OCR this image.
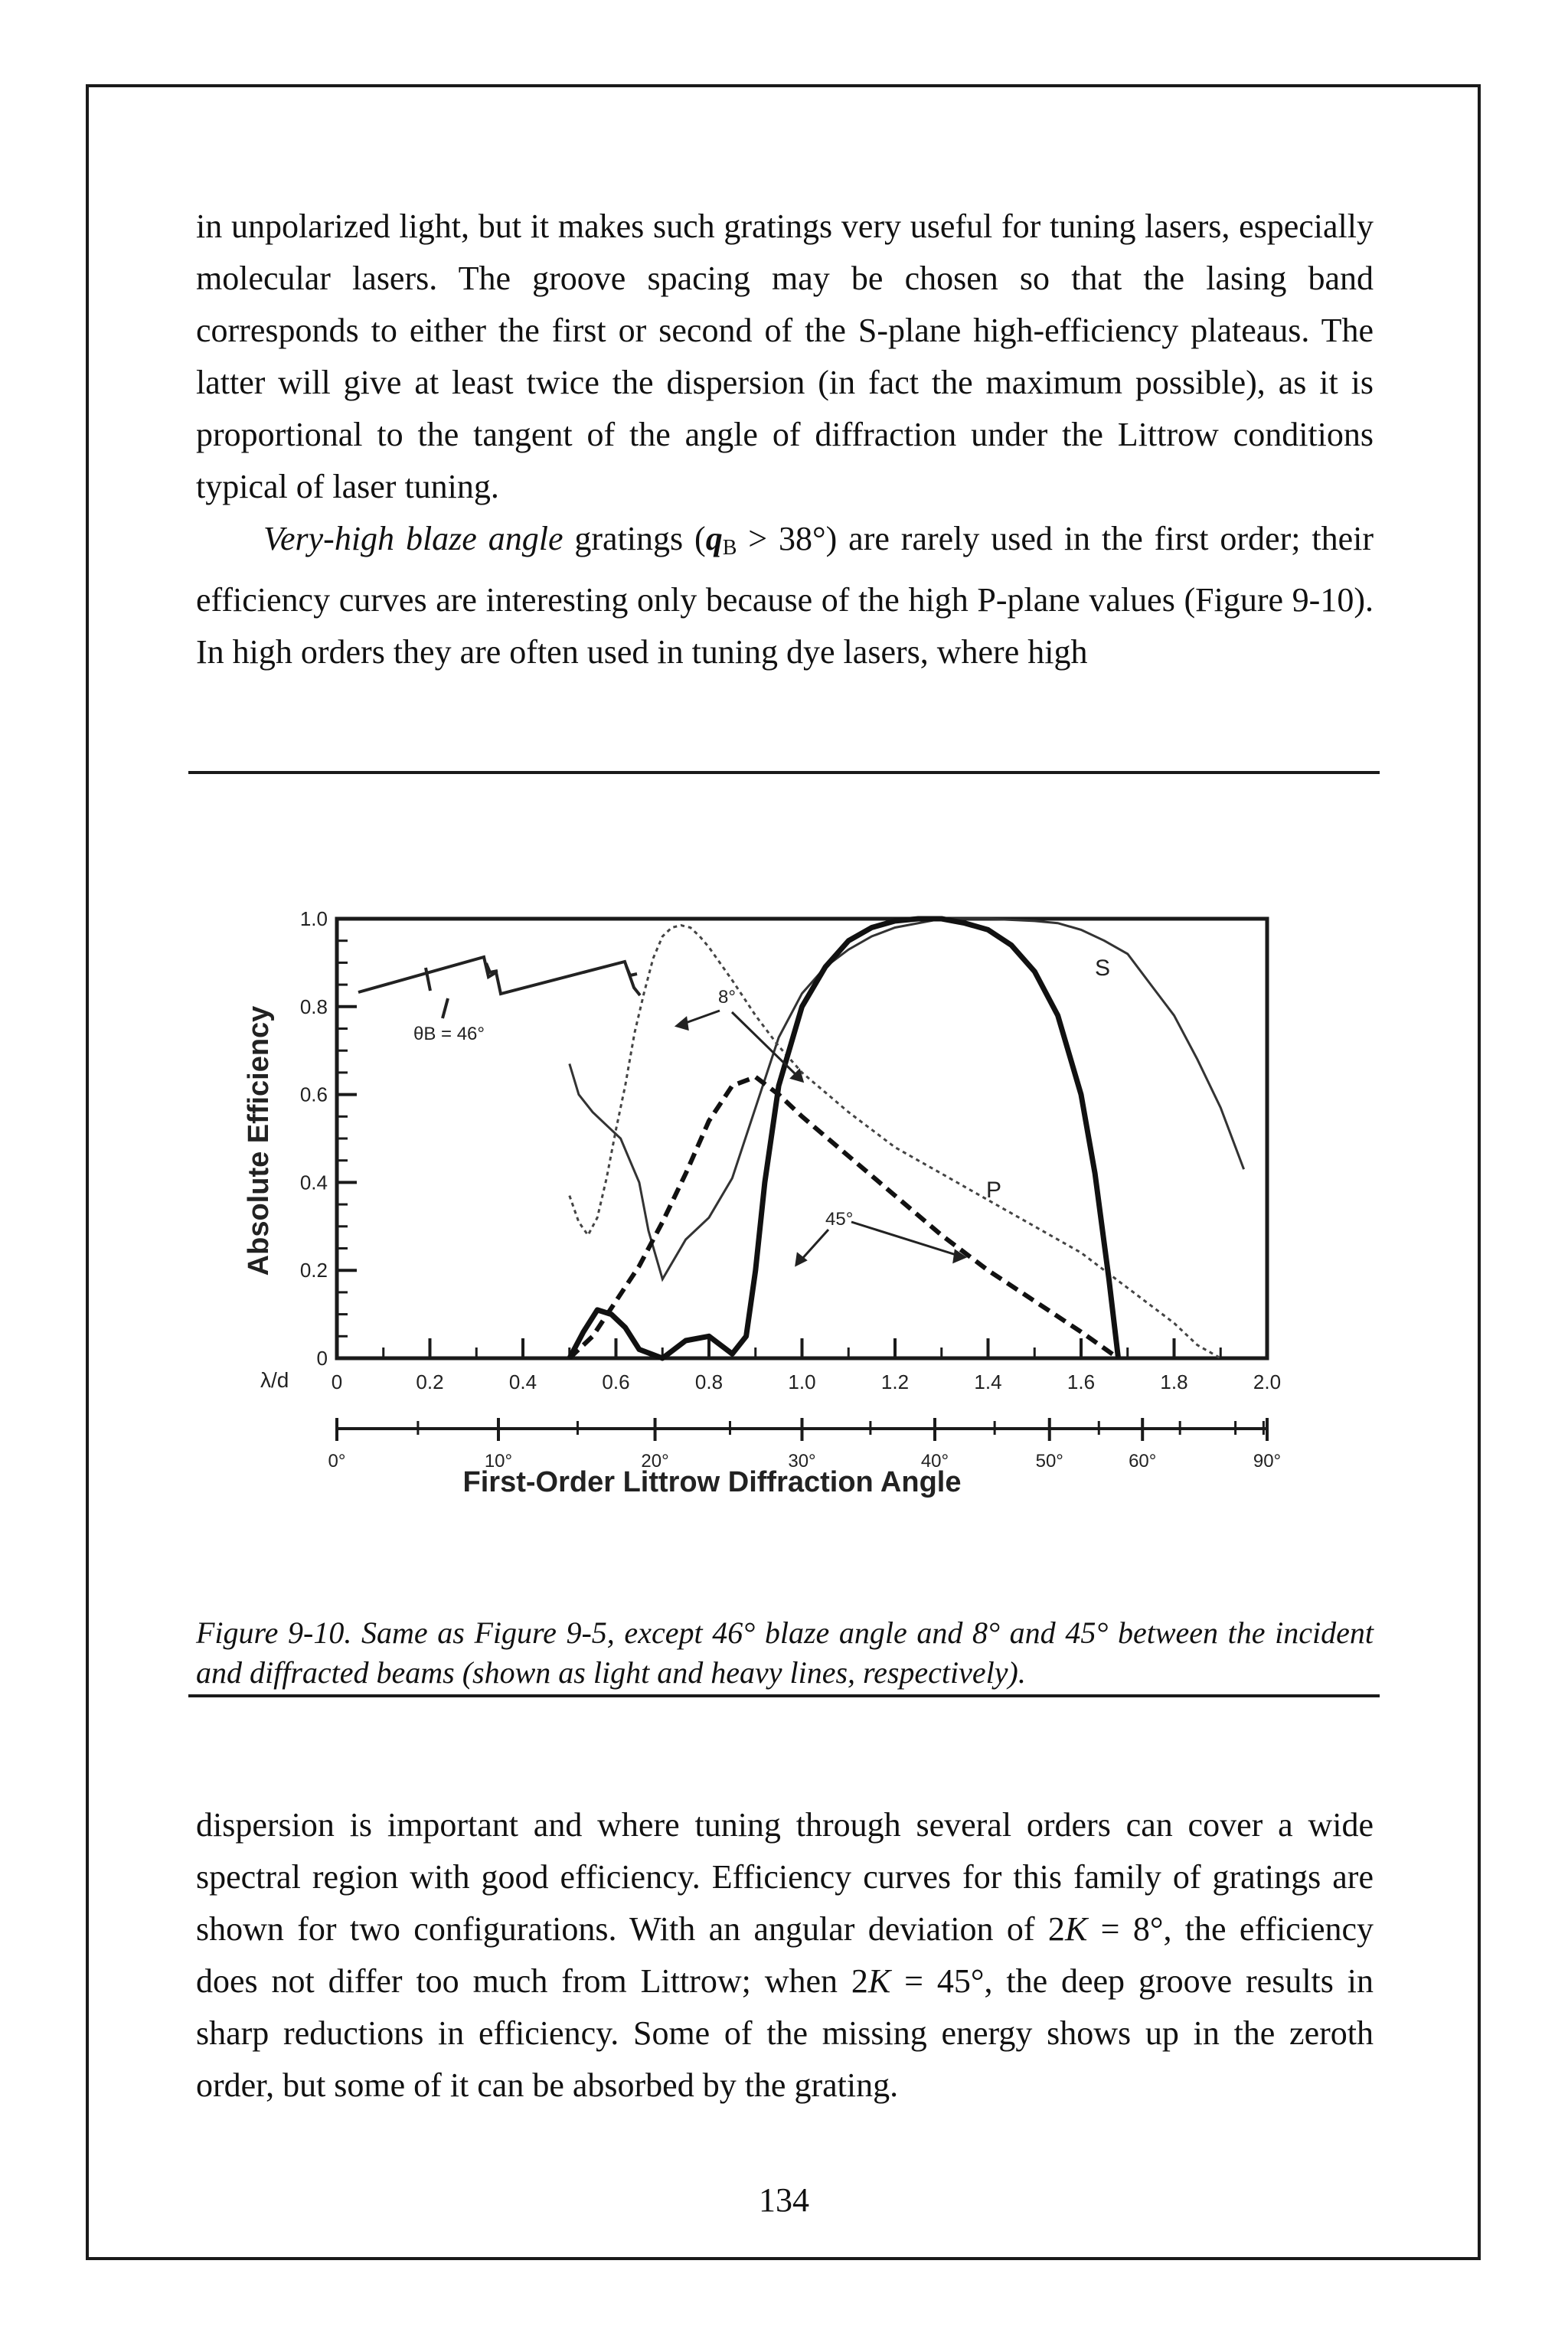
in unpolarized light, but it makes such gratings very useful for tuning lasers, especially molecular lasers. The groove spacing may be chosen so that the lasing band corresponds to either the first or second of the S-plane high-efficiency plateaus. The latter will give at least twice the dispersion (in fact the maximum possible), as it is proportional to the tangent of the angle of diffraction under the Littrow conditions typical of laser tuning.

Very-high blaze angle gratings $(q_B > 38^\circ)$ are rarely used in the first order; their efficiency curves are interesting only because of the high P-plane values (Figure 9-10). In high orders they are often used in tuning dye lasers, where high

0
0.2
0.4
0.6
0.8
1.0
0	0.2	0.4	0.6	0.8	1.0	1.2	1.4	1.6	1.8	2.0
0°	10°	20°	30°	40°	50°	60°	90°
θB = 46°
S
P
8°
45°
Absolute Efficiency
λ/d
First-Order Littrow Diffraction Angle

Figure 9-10. Same as Figure 9-5, except 46° blaze angle and 8° and 45° between the incident and diffracted beams (shown as light and heavy lines, respectively).

dispersion is important and where tuning through several orders can cover a wide spectral region with good efficiency. Efficiency curves for this family of gratings are shown for two configurations. With an angular deviation of 2K = 8°, the efficiency does not differ too much from Littrow; when 2K = 45°, the deep groove results in sharp reductions in efficiency. Some of the missing energy shows up in the zeroth order, but some of it can be absorbed by the grating.

134
